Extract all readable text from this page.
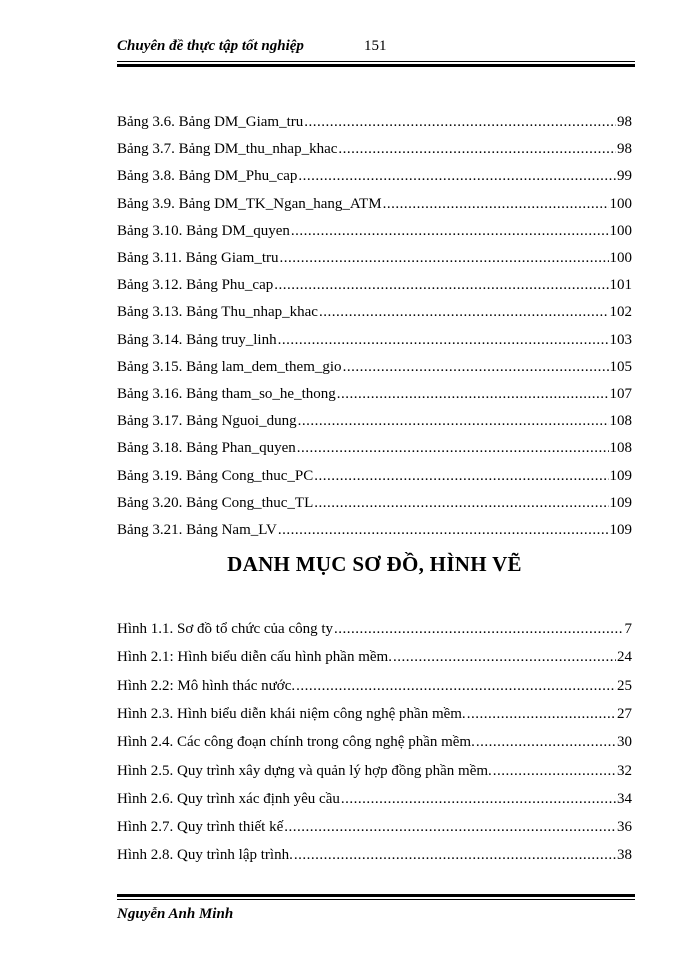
Chuyên đề thực tập tốt nghiệp	151
Bảng 3.6. Bảng DM_Giam_tru .....	98
Bảng 3.7. Bảng DM_thu_nhap_khac .....	98
Bảng 3.8. Bảng DM_Phu_cap .....	99
Bảng 3.9. Bảng DM_TK_Ngan_hang_ATM .....	100
Bảng 3.10. Bảng DM_quyen .....	100
Bảng 3.11. Bảng Giam_tru .....	100
Bảng 3.12. Bảng Phu_cap .....	101
Bảng 3.13. Bảng Thu_nhap_khac .....	102
Bảng 3.14. Bảng truy_linh .....	103
Bảng 3.15. Bảng lam_dem_them_gio .....	105
Bảng 3.16. Bảng tham_so_he_thong .....	107
Bảng 3.17. Bảng Nguoi_dung .....	108
Bảng 3.18. Bảng Phan_quyen .....	108
Bảng 3.19. Bảng Cong_thuc_PC .....	109
Bảng 3.20. Bảng Cong_thuc_TL .....	109
Bảng 3.21. Bảng Nam_LV .....	109
DANH MỤC SƠ ĐỒ, HÌNH VẼ
Hình 1.1. Sơ đồ tổ chức của công ty .....	7
Hình 2.1: Hình biểu diễn cấu hình phần mềm. .....	24
Hình 2.2: Mô hình thác nước. .....	25
Hình 2.3. Hình biểu diễn khái niệm công nghệ phần mềm. .....	27
Hình 2.4. Các công đoạn chính trong công nghệ phần mềm. .....	30
Hình 2.5. Quy trình xây dựng và quản lý hợp đồng phần mềm. .....	32
Hình 2.6. Quy trình xác định yêu cầu .....	34
Hình 2.7. Quy trình thiết kế .....	36
Hình 2.8. Quy trình lập trình. .....	38
Nguyễn Anh Minh
